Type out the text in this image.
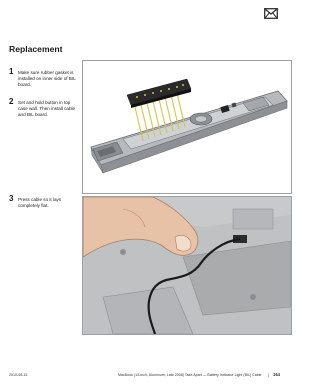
Replacement
1 Make sure rubber gasket is installed on inner side of BIL board.
2 Set and hold button in top case wall. Then install cable and BIL board.
3 Press cable so it lays completely flat.
2010-06-15	MacBook (13-inch, Aluminum, Late 2008) Take Apart — Battery Indicator Light (BIL) Cable | 164
